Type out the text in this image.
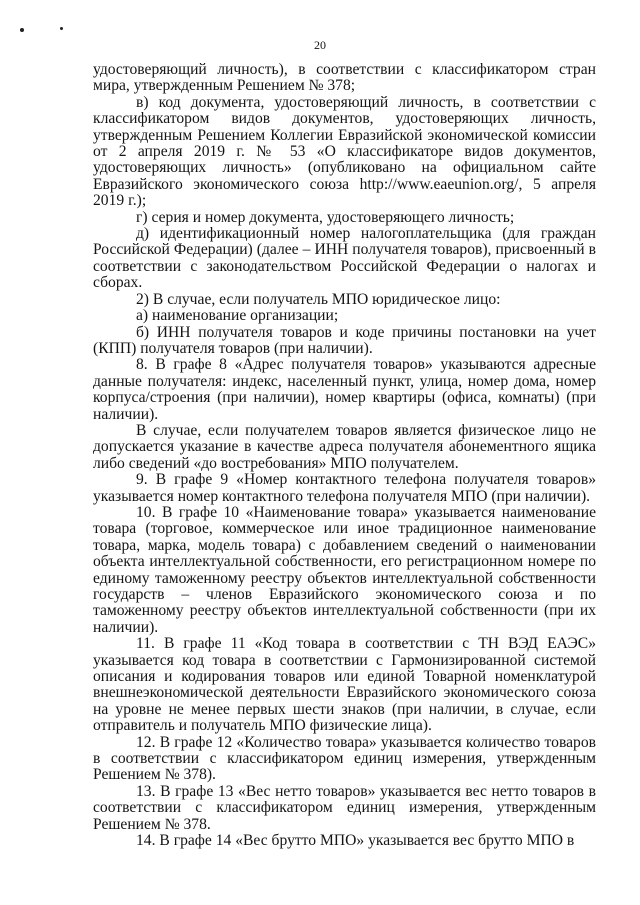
20

удостоверяющий личность), в соответствии с классификатором стран мира, утвержденным Решением № 378;

в) код документа, удостоверяющий личность, в соответствии с классификатором видов документов, удостоверяющих личность, утвержденным Решением Коллегии Евразийской экономической комиссии от 2 апреля 2019 г. № 53 «О классификаторе видов документов, удостоверяющих личность» (опубликовано на официальном сайте Евразийского экономического союза http://www.eaeunion.org/, 5 апреля 2019 г.);

г) серия и номер документа, удостоверяющего личность;

д) идентификационный номер налогоплательщика (для граждан Российской Федерации) (далее – ИНН получателя товаров), присвоенный в соответствии с законодательством Российской Федерации о налогах и сборах.

2) В случае, если получатель МПО юридическое лицо:

а) наименование организации;

б) ИНН получателя товаров и коде причины постановки на учет (КПП) получателя товаров (при наличии).

8. В графе 8 «Адрес получателя товаров» указываются адресные данные получателя: индекс, населенный пункт, улица, номер дома, номер корпуса/строения (при наличии), номер квартиры (офиса, комнаты) (при наличии).

В случае, если получателем товаров является физическое лицо не допускается указание в качестве адреса получателя абонементного ящика либо сведений «до востребования» МПО получателем.

9. В графе 9 «Номер контактного телефона получателя товаров» указывается номер контактного телефона получателя МПО (при наличии).

10. В графе 10 «Наименование товара» указывается наименование товара (торговое, коммерческое или иное традиционное наименование товара, марка, модель товара) с добавлением сведений о наименовании объекта интеллектуальной собственности, его регистрационном номере по единому таможенному реестру объектов интеллектуальной собственности государств – членов Евразийского экономического союза и по таможенному реестру объектов интеллектуальной собственности (при их наличии).

11. В графе 11 «Код товара в соответствии с ТН ВЭД ЕАЭС» указывается код товара в соответствии с Гармонизированной системой описания и кодирования товаров или единой Товарной номенклатурой внешнеэкономической деятельности Евразийского экономического союза на уровне не менее первых шести знаков (при наличии, в случае, если отправитель и получатель МПО физические лица).

12. В графе 12 «Количество товара» указывается количество товаров в соответствии с классификатором единиц измерения, утвержденным Решением № 378).

13. В графе 13 «Вес нетто товаров» указывается вес нетто товаров в соответствии с классификатором единиц измерения, утвержденным Решением № 378.

14. В графе 14 «Вес брутто МПО» указывается вес брутто МПО в
